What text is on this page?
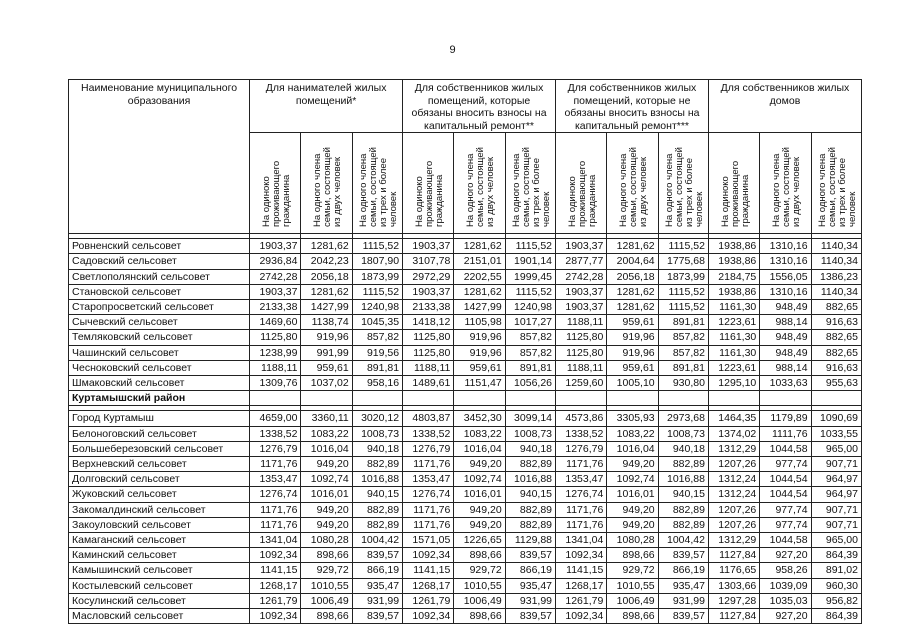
9
Наименование муниципального образования	Для нанимателей жилых помещений*			Для собственников жилых помещений, которые обязаны вносить взносы на капитальный ремонт**			Для собственников жилых помещений, которые не обязаны вносить взносы на капитальный ремонт***			Для собственников жилых домов		
	На одиноко проживающего гражданина	На одного члена семьи, состоящей из двух человек	На одного члена семьи, состоящей из трех и более человек	На одиноко проживающего гражданина	На одного члена семьи, состоящей из двух человек	На одного члена семьи, состоящей из трех и более человек	На одиноко проживающего гражданина	На одного члена семьи, состоящей из двух человек	На одного члена семьи, состоящей из трех и более человек	На одиноко проживающего гражданина	На одного члена семьи, состоящей из двух человек	На одного члена семьи, состоящей из трех и более человек

Ровненский сельсовет	1903,37	1281,62	1115,52	1903,37	1281,62	1115,52	1903,37	1281,62	1115,52	1938,86	1310,16	1140,34
Садовский сельсовет	2936,84	2042,23	1807,90	3107,78	2151,01	1901,14	2877,77	2004,64	1775,68	1938,86	1310,16	1140,34
Светлополянский сельсовет	2742,28	2056,18	1873,99	2972,29	2202,55	1999,45	2742,28	2056,18	1873,99	2184,75	1556,05	1386,23
Становской сельсовет	1903,37	1281,62	1115,52	1903,37	1281,62	1115,52	1903,37	1281,62	1115,52	1938,86	1310,16	1140,34
Старопросветский сельсовет	2133,38	1427,99	1240,98	2133,38	1427,99	1240,98	1903,37	1281,62	1115,52	1161,30	948,49	882,65
Сычевский сельсовет	1469,60	1138,74	1045,35	1418,12	1105,98	1017,27	1188,11	959,61	891,81	1223,61	988,14	916,63
Темляковский сельсовет	1125,80	919,96	857,82	1125,80	919,96	857,82	1125,80	919,96	857,82	1161,30	948,49	882,65
Чашинский сельсовет	1238,99	991,99	919,56	1125,80	919,96	857,82	1125,80	919,96	857,82	1161,30	948,49	882,65
Чесноковский сельсовет	1188,11	959,61	891,81	1188,11	959,61	891,81	1188,11	959,61	891,81	1223,61	988,14	916,63
Шмаковский сельсовет	1309,76	1037,02	958,16	1489,61	1151,47	1056,26	1259,60	1005,10	930,80	1295,10	1033,63	955,63
Куртамышский район												

Город Куртамыш	4659,00	3360,11	3020,12	4803,87	3452,30	3099,14	4573,86	3305,93	2973,68	1464,35	1179,89	1090,69
Белоноговский сельсовет	1338,52	1083,22	1008,73	1338,52	1083,22	1008,73	1338,52	1083,22	1008,73	1374,02	1111,76	1033,55
Большеберезовский сельсовет	1276,79	1016,04	940,18	1276,79	1016,04	940,18	1276,79	1016,04	940,18	1312,29	1044,58	965,00
Верхневский сельсовет	1171,76	949,20	882,89	1171,76	949,20	882,89	1171,76	949,20	882,89	1207,26	977,74	907,71
Долговский сельсовет	1353,47	1092,74	1016,88	1353,47	1092,74	1016,88	1353,47	1092,74	1016,88	1312,24	1044,54	964,97
Жуковский сельсовет	1276,74	1016,01	940,15	1276,74	1016,01	940,15	1276,74	1016,01	940,15	1312,24	1044,54	964,97
Закомалдинский сельсовет	1171,76	949,20	882,89	1171,76	949,20	882,89	1171,76	949,20	882,89	1207,26	977,74	907,71
Закоуловский сельсовет	1171,76	949,20	882,89	1171,76	949,20	882,89	1171,76	949,20	882,89	1207,26	977,74	907,71
Камаганский сельсовет	1341,04	1080,28	1004,42	1571,05	1226,65	1129,88	1341,04	1080,28	1004,42	1312,29	1044,58	965,00
Каминский сельсовет	1092,34	898,66	839,57	1092,34	898,66	839,57	1092,34	898,66	839,57	1127,84	927,20	864,39
Камышинский сельсовет	1141,15	929,72	866,19	1141,15	929,72	866,19	1141,15	929,72	866,19	1176,65	958,26	891,02
Костылевский сельсовет	1268,17	1010,55	935,47	1268,17	1010,55	935,47	1268,17	1010,55	935,47	1303,66	1039,09	960,30
Косулинский сельсовет	1261,79	1006,49	931,99	1261,79	1006,49	931,99	1261,79	1006,49	931,99	1297,28	1035,03	956,82
Масловский сельсовет	1092,34	898,66	839,57	1092,34	898,66	839,57	1092,34	898,66	839,57	1127,84	927,20	864,39
